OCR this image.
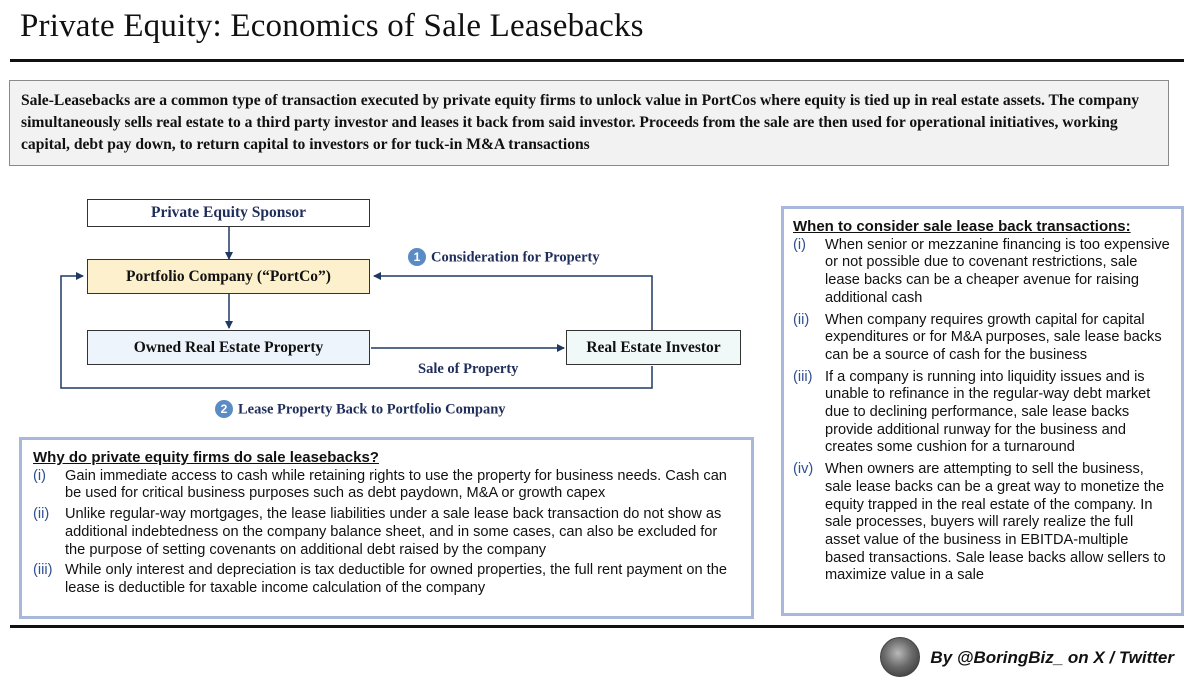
Private Equity: Economics of Sale Leasebacks
Sale-Leasebacks are a common type of transaction executed by private equity firms to unlock value in PortCos where equity is tied up in real estate assets. The company simultaneously sells real estate to a third party investor and leases it back from said investor. Proceeds from the sale are then used for operational initiatives, working capital, debt pay down, to return capital to investors or for tuck-in M&A transactions
Private Equity Sponsor
Portfolio Company (“PortCo”)
Owned Real Estate Property	Real Estate Investor
1 Consideration for Property
Sale of Property
2 Lease Property Back to Portfolio Company
Why do private equity firms do sale leasebacks?
(i)	Gain immediate access to cash while retaining rights to use the property for business needs. Cash can be used for critical business purposes such as debt paydown, M&A or growth capex
(ii)	Unlike regular-way mortgages, the lease liabilities under a sale lease back transaction do not show as additional indebtedness on the company balance sheet, and in some cases, can also be excluded for the purpose of setting covenants on additional debt raised by the company
(iii) While only interest and depreciation is tax deductible for owned properties, the full rent payment on the lease is deductible for taxable income calculation of the company
When to consider sale lease back transactions:
(i)	When senior or mezzanine financing is too expensive or not possible due to covenant restrictions, sale lease backs can be a cheaper avenue for raising additional cash
(ii)	When company requires growth capital for capital expenditures or for M&A purposes, sale lease backs can be a source of cash for the business
(iii) If a company is running into liquidity issues and is unable to refinance in the regular-way debt market due to declining performance, sale lease backs provide additional runway for the business and creates some cushion for a turnaround
(iv) When owners are attempting to sell the business, sale lease backs can be a great way to monetize the equity trapped in the real estate of the company. In sale processes, buyers will rarely realize the full asset value of the business in EBITDA-multiple based transactions. Sale lease backs allow sellers to maximize value in a sale
By @BoringBiz_ on X / Twitter
